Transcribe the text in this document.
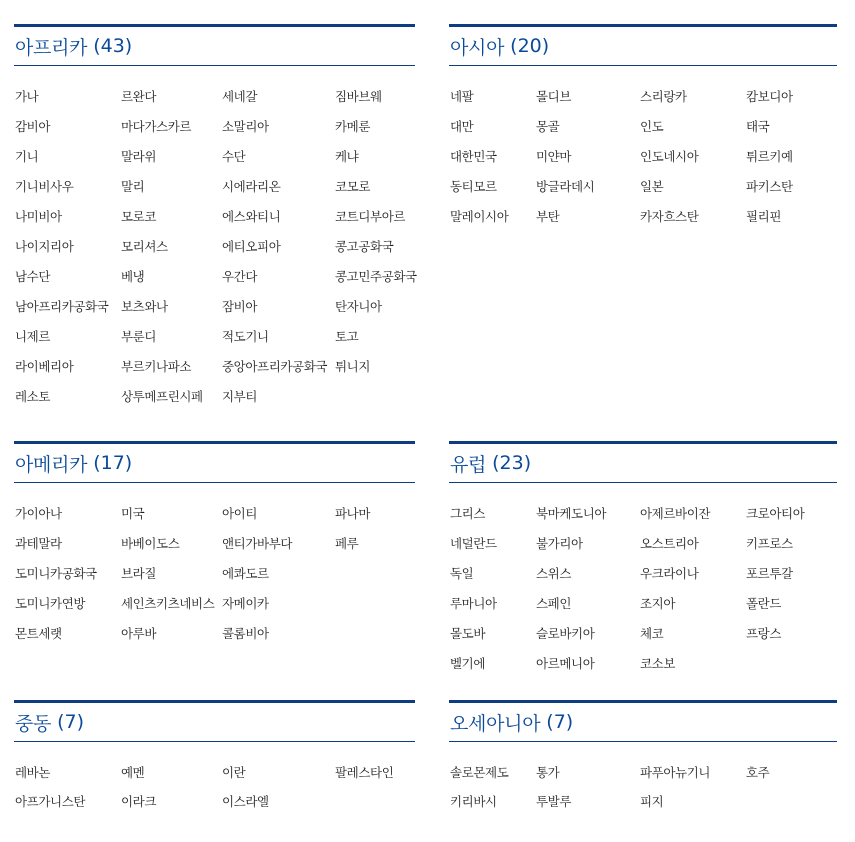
아프리카 (43)
가나
감비아
기니
기니비사우
나미비아
나이지리아
남수단
남아프리카공화국
니제르
라이베리아
레소토
르완다
마다가스카르
말라위
말리
모로코
모리셔스
베냉
보츠와나
부룬디
부르키나파소
상투메프린시페
세네갈
소말리아
수단
시에라리온
에스와티니
에티오피아
우간다
잠비아
적도기니
중앙아프리카공화국
지부티
짐바브웨
카메룬
케냐
코모로
코트디부아르
콩고공화국
콩고민주공화국
탄자니아
토고
튀니지
아시아 (20)
네팔
대만
대한민국
동티모르
말레이시아
몰디브
몽골
미얀마
방글라데시
부탄
스리랑카
인도
인도네시아
일본
카자흐스탄
캄보디아
태국
튀르키예
파키스탄
필리핀
아메리카 (17)
가이아나
과테말라
도미니카공화국
도미니카연방
몬트세랫
미국
바베이도스
브라질
세인츠키츠네비스
아루바
아이티
앤티가바부다
에콰도르
자메이카
콜롬비아
파나마
페루
유럽 (23)
그리스
네덜란드
독일
루마니아
몰도바
벨기에
북마케도니아
불가리아
스위스
스페인
슬로바키아
아르메니아
아제르바이잔
오스트리아
우크라이나
조지아
체코
코소보
크로아티아
키프로스
포르투갈
폴란드
프랑스
중동 (7)
레바논
아프가니스탄
예멘
이라크
이란
이스라엘
팔레스타인
오세아니아 (7)
솔로몬제도
키리바시
통가
투발루
파푸아뉴기니
피지
호주
